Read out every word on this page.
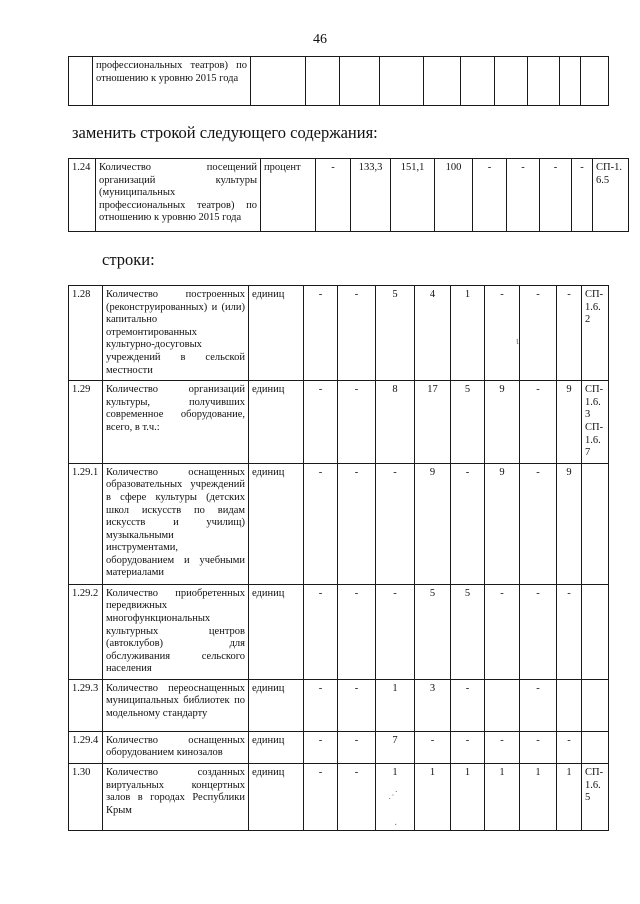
46
	профессиональных театров) по отношению к уровню 2015 года										
заменить строкой следующего содержания:
1.24	Количество посещений организаций культуры (муниципальных профессиональных театров) по отношению к уровню 2015 года	процент	-	133,3	151,1	100	-	-	-	-	СП-1.6.5
строки:
1.28	Количество построенных (реконструированных) и (или) капитально отремонтированных культурно-досуговых учреждений в сельской местности	единиц	-	-	5	4	1	-	-	-	СП-1.6.2
1.29	Количество организаций культуры, получивших современное оборудование, всего, в т.ч.:	единиц	-	-	8	17	5	9	-	9	СП-1.6.3 СП-1.6.7
1.29.1	Количество оснащенных образовательных учреждений в сфере культуры (детских школ искусств по видам искусств и училищ) музыкальными инструментами, оборудованием и учебными материалами	единиц	-	-	-	9	-	9	-	9	
1.29.2	Количество приобретенных передвижных многофункциональных культурных центров (автоклубов) для обслуживания сельского населения	единиц	-	-	-	5	5	-	-	-	
1.29.3	Количество переоснащенных муниципальных библиотек по модельному стандарту	единиц	-	-	1	3	-		-		
1.29.4	Количество оснащенных оборудованием кинозалов	единиц	-	-	7	-	-	-	-	-	
1.30	Количество созданных виртуальных концертных залов в городах Республики Крым	единиц	-	-	1	1	1	1	1	1	СП-1.6.5
ι
⋰
·
